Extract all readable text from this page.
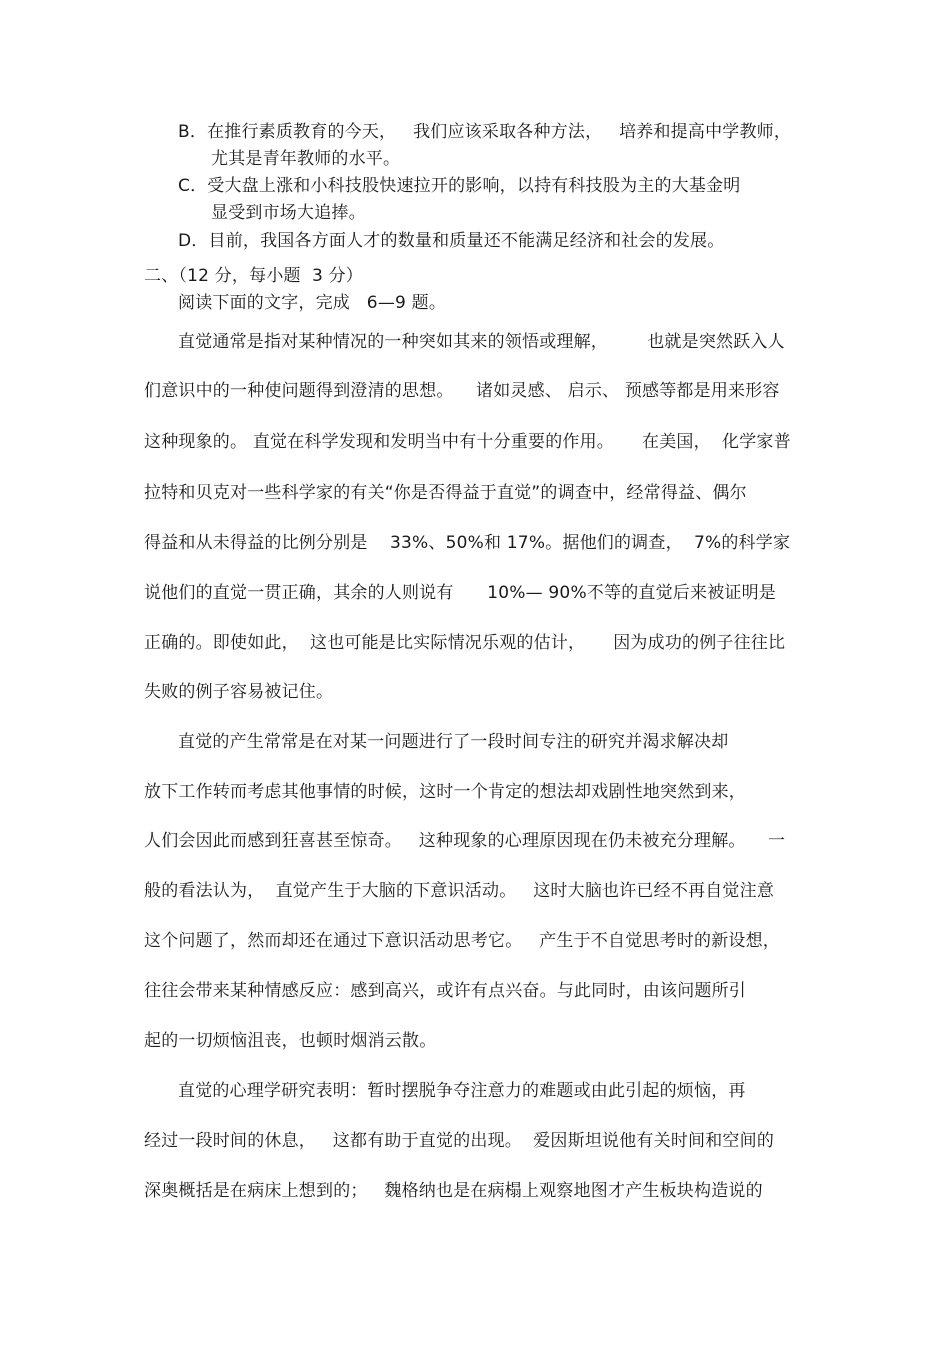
B．在推行素质教育的今天，   我们应该采取各种方法，   培养和提高中学教师，
尤其是青年教师的水平。
C．受大盘上涨和小科技股快速拉开的影响，以持有科技股为主的大基金明
显受到市场大追捧。
D．目前，我国各方面人才的数量和质量还不能满足经济和社会的发展。
二、（12 分，每小题  3 分）
阅读下面的文字，完成   6—9 题。
直觉通常是指对某种情况的一种突如其来的领悟或理解，       也就是突然跃入人
们意识中的一种使问题得到澄清的思想。    诸如灵感、 启示、 预感等都是用来形容
这种现象的。 直觉在科学发现和发明当中有十分重要的作用。     在美国，  化学家普
拉特和贝克对一些科学家的有关“你是否得益于直觉”的调查中，经常得益、偶尔
得益和从未得益的比例分别是    33%、50%和 17%。据他们的调查，  7%的科学家
说他们的直觉一贯正确，其余的人则说有      10%— 90%不等的直觉后来被证明是
正确的。即使如此，  这也可能是比实际情况乐观的估计，     因为成功的例子往往比
失败的例子容易被记住。
直觉的产生常常是在对某一问题进行了一段时间专注的研究并渴求解决却
放下工作转而考虑其他事情的时候，这时一个肯定的想法却戏剧性地突然到来，
人们会因此而感到狂喜甚至惊奇。   这种现象的心理原因现在仍未被充分理解。    一
般的看法认为，  直觉产生于大脑的下意识活动。   这时大脑也许已经不再自觉注意
这个问题了，然而却还在通过下意识活动思考它。   产生于不自觉思考时的新设想，
往往会带来某种情感反应：感到高兴，或许有点兴奋。与此同时，由该问题所引
起的一切烦恼沮丧，也顿时烟消云散。
直觉的心理学研究表明：暂时摆脱争夺注意力的难题或由此引起的烦恼，再
经过一段时间的休息，   这都有助于直觉的出现。  爱因斯坦说他有关时间和空间的
深奥概括是在病床上想到的；   魏格纳也是在病榻上观察地图才产生板块构造说的
